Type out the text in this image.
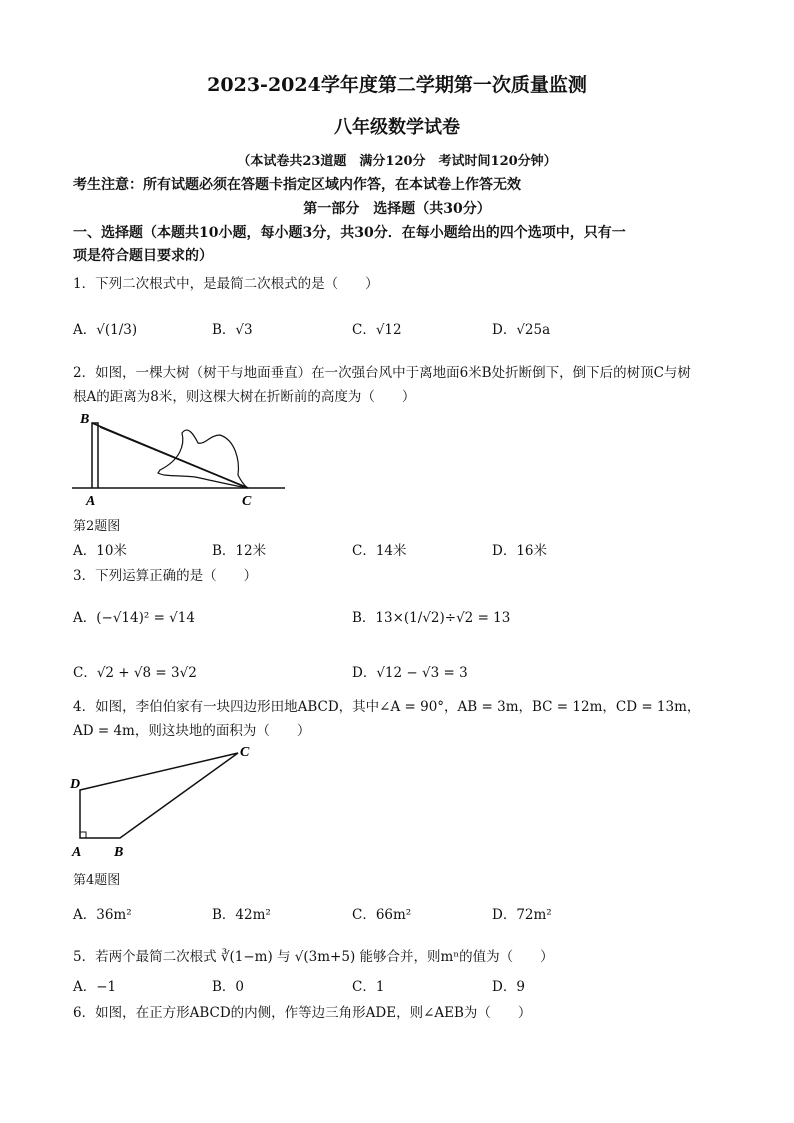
2023-2024学年度第二学期第一次质量监测
八年级数学试卷
（本试卷共23道题　满分120分　考试时间120分钟）
考生注意：所有试题必须在答题卡指定区域内作答，在本试卷上作答无效
第一部分　选择题（共30分）
一、选择题（本题共10小题，每小题3分，共30分．在每小题给出的四个选项中，只有一
项是符合题目要求的）
1．下列二次根式中，是最简二次根式的是（　　）
A．√(1/3)	B．√3	C．√12	D．√25a
2．如图，一棵大树（树干与地面垂直）在一次强台风中于离地面6米B处折断倒下，倒下后的树顶C与树
根A的距离为8米，则这棵大树在折断前的高度为（　　）
B
A	C
第2题图
A．10米	B．12米	C．14米	D．16米
3．下列运算正确的是（　　）
A．(−√14)² = √14	B．13×(1/√2)÷√2 = 13
C．√2 + √8 = 3√2	D．√12 − √3 = 3
4．如图，李伯伯家有一块四边形田地ABCD，其中∠A = 90°，AB = 3m，BC = 12m，CD = 13m，
AD = 4m，则这块地的面积为（　　）
C
D
A B
第4题图
A．36m²	B．42m²	C．66m²	D．72m²
5．若两个最简二次根式 ∛(1−m) 与 √(3m+5) 能够合并，则mⁿ的值为（　　）
A．−1	B．0	C．1	D．9
6．如图，在正方形ABCD的内侧，作等边三角形ADE，则∠AEB为（　　）
